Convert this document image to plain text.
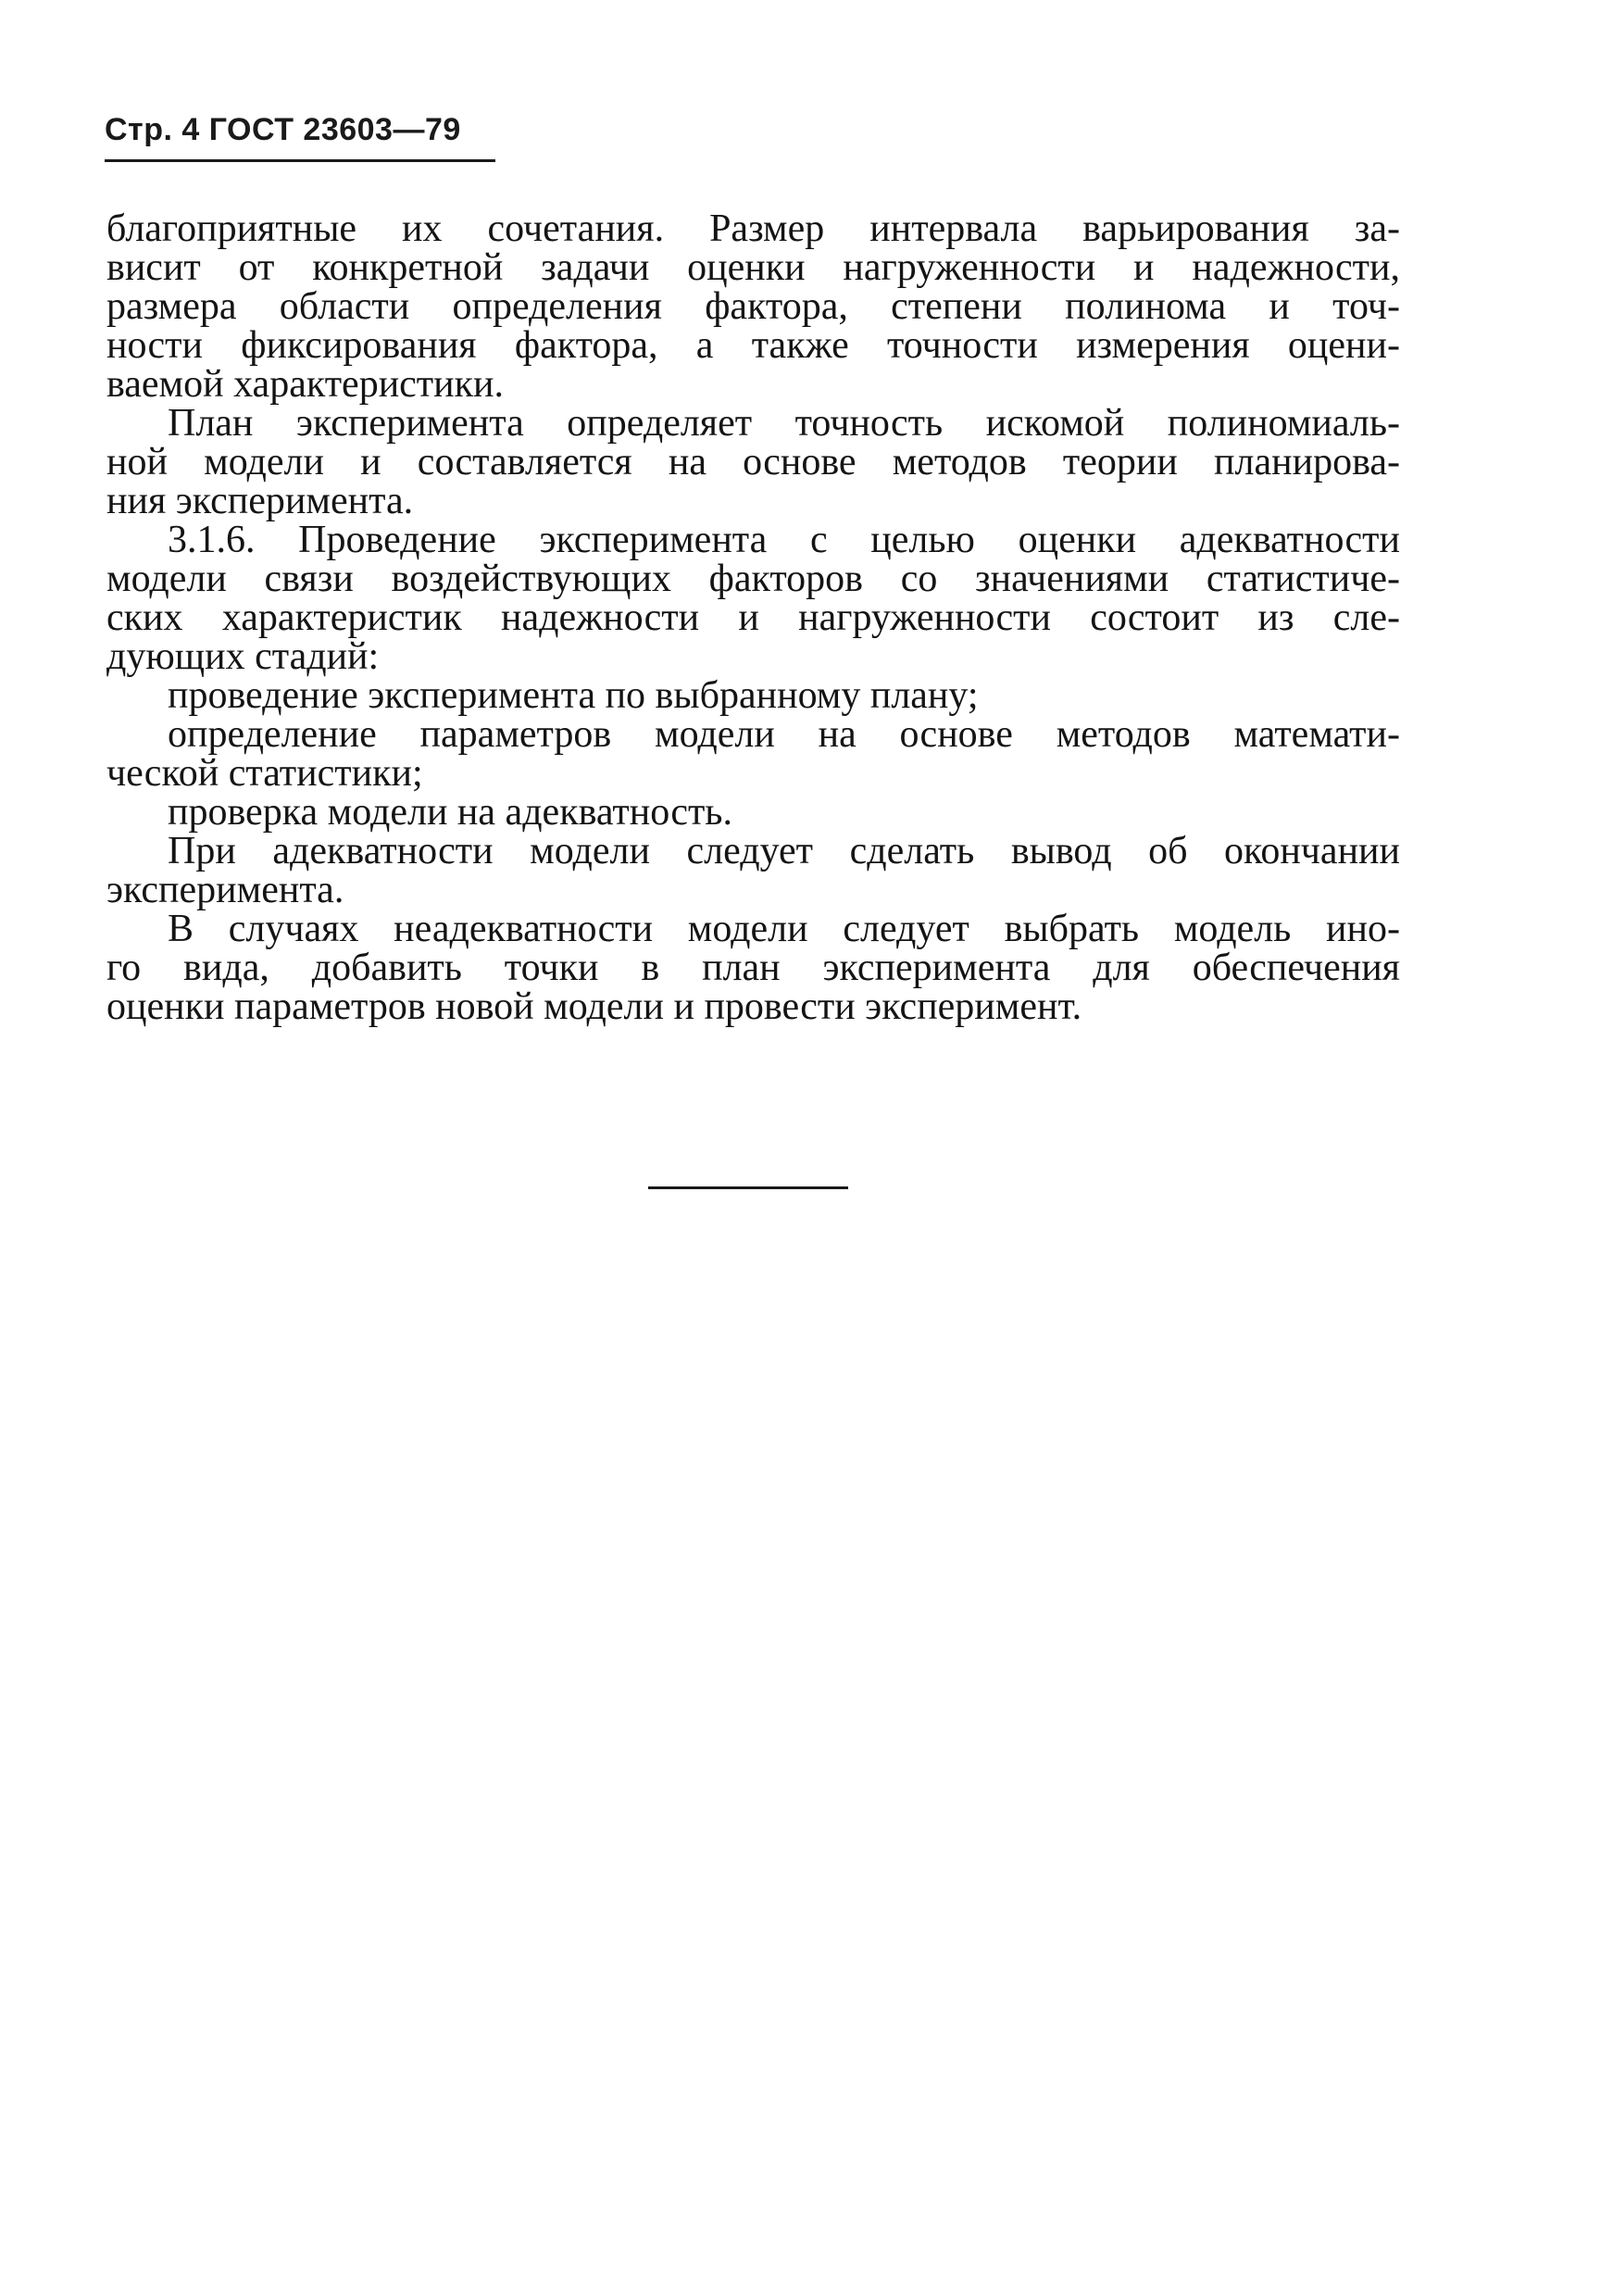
Стр. 4 ГОСТ 23603—79
благоприятные их сочетания. Размер интервала варьирования за-
висит от конкретной задачи оценки нагруженности и надежности,
размера области определения фактора, степени полинома и точ-
ности фиксирования фактора, а также точности измерения оцени-
ваемой характеристики.
План эксперимента определяет точность искомой полиномиаль-
ной модели и составляется на основе методов теории планирова-
ния эксперимента.
3.1.6. Проведение эксперимента с целью оценки адекватности
модели связи воздействующих факторов со значениями статистиче-
ских характеристик надежности и нагруженности состоит из сле-
дующих стадий:
проведение эксперимента по выбранному плану;
определение параметров модели на основе методов математи-
ческой статистики;
проверка модели на адекватность.
При адекватности модели следует сделать вывод об окончании
эксперимента.
В случаях неадекватности модели следует выбрать модель ино-
го вида, добавить точки в план эксперимента для обеспечения
оценки параметров новой модели и провести эксперимент.
